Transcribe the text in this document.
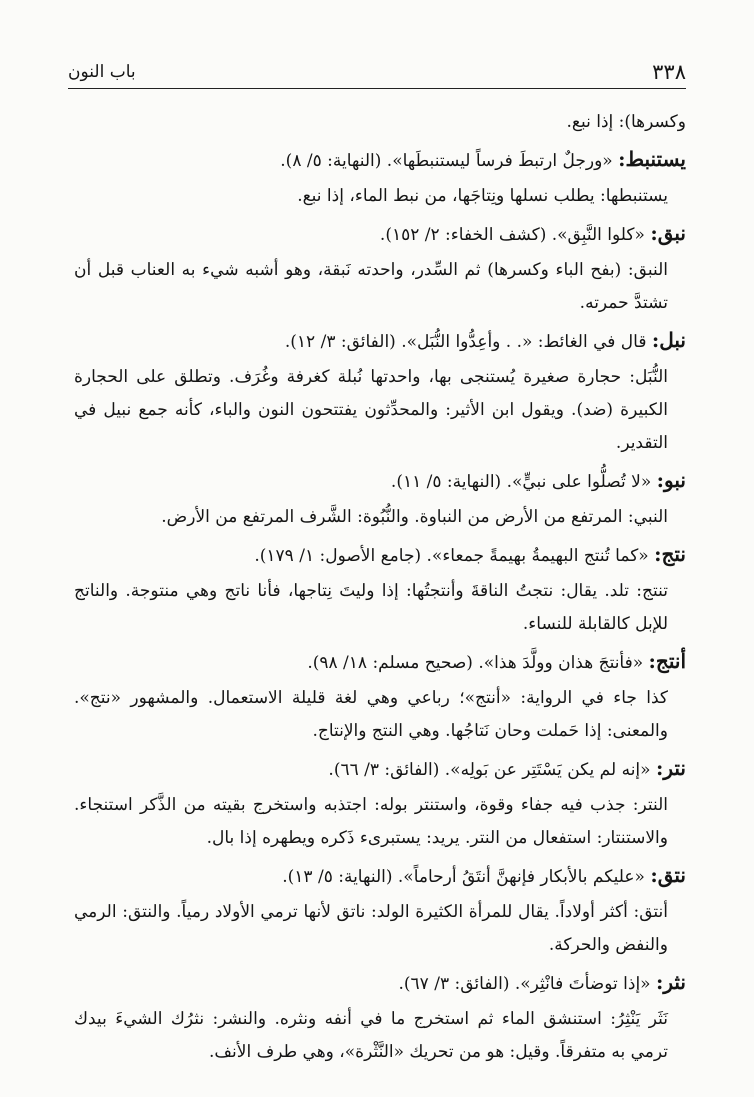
٣٣٨
باب النون

وكسرها): إذا نبع.

يستنبط: «ورجلٌ ارتبطَ فرساً ليستنبطَها». (النهاية: ٥/ ٨).

يستنبطها: يطلب نسلها ونِتاجَها، من نبط الماء، إذا نبع.

نبق: «كلوا النَّبِق». (كشف الخفاء: ٢/ ١٥٢).

النبق: (بفح الباء وكسرها) ثم السِّدر، واحدته نَبقة، وهو أشبه شيء به العناب قبل أن تشتدَّ حمرته.

نبل: قال في الغائط: «. . وأعِدُّوا النُّبَل». (الفائق: ٣/ ١٢).

النُّبَل: حجارة صغيرة يُستنجى بها، واحدتها نُبلة كغرفة وغُرَف. وتطلق على الحجارة الكبيرة (ضد). ويقول ابن الأثير: والمحدِّثون يفتتحون النون والباء، كأنه جمع نبيل في التقدير.

نبو: «لا تُصلُّوا على نبيٍّ». (النهاية: ٥/ ١١).

النبي: المرتفع من الأرض من النباوة. والنُّبُوة: الشَّرف المرتفع من الأرض.

نتج: «كما تُنتج البهيمةُ بهيمةً جمعاء». (جامع الأصول: ١/ ١٧٩).

تنتج: تلد. يقال: نتجتُ الناقةَ وأنتجتُها: إذا وليتَ نِتاجها، فأنا ناتج وهي منتوجة. والناتج للإبل كالقابلة للنساء.

أنتج: «فأنتجَ هذان وولَّدَ هذا». (صحيح مسلم: ١٨/ ٩٨).

كذا جاء في الرواية: «أنتج»؛ رباعي وهي لغة قليلة الاستعمال. والمشهور «نتج». والمعنى: إذا حَملت وحان نَتاجُها. وهي النتج والإنتاج.

نتر: «إنه لم يكن يَسْتَتِر عن بَولِه». (الفائق: ٣/ ٦٦).

النتر: جذب فيه جفاء وقوة، واستنتر بوله: اجتذبه واستخرج بقيته من الذَّكر استنجاء. والاستنتار: استفعال من النتر. يريد: يستبرىء ذَكره ويطهره إذا بال.

نتق: «عليكم بالأبكار فإنهنَّ أنتَقُ أرحاماً». (النهاية: ٥/ ١٣).

أنتق: أكثر أولاداً. يقال للمرأة الكثيرة الولد: ناتق لأنها ترمي الأولاد رمياً. والنتق: الرمي والنفض والحركة.

نثر: «إذا توضأتَ فانْثِر». (الفائق: ٣/ ٦٧).

نَثَر يَنْثِرُ: استنشق الماء ثم استخرج ما في أنفه ونثره. والنشر: نثرُك الشيءَ بيدك ترمي به متفرقاً. وقيل: هو من تحريك «النَّثْرة»، وهي طرف الأنف.
